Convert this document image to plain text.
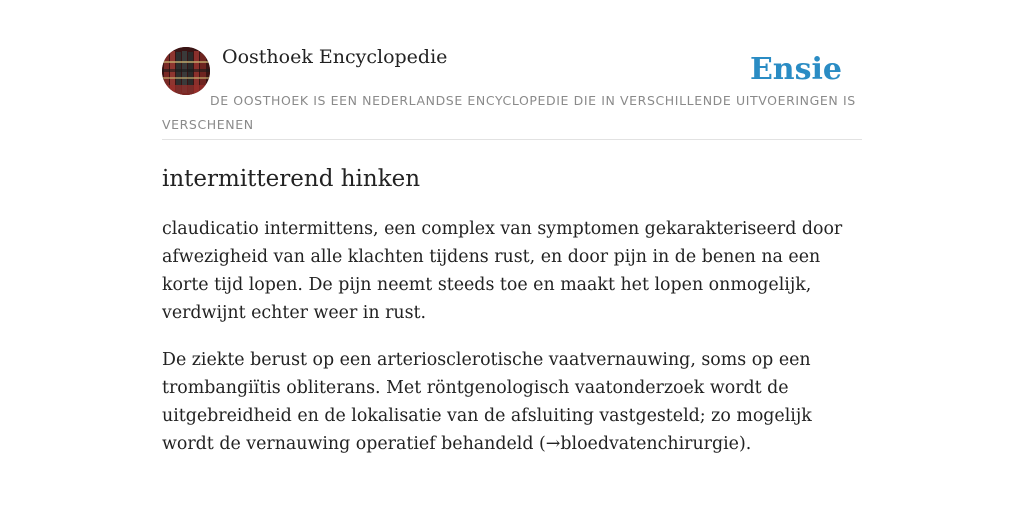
Oosthoek Encyclopedie	Ensie
DE OOSTHOEK IS EEN NEDERLANDSE ENCYCLOPEDIE DIE IN VERSCHILLENDE UITVOERINGEN IS VERSCHENEN
intermitterend hinken

claudicatio intermittens, een complex van symptomen gekarakteriseerd door afwezigheid van alle klachten tijdens rust, en door pijn in de benen na een korte tijd lopen. De pijn neemt steeds toe en maakt het lopen onmogelijk, verdwijnt echter weer in rust.

De ziekte berust op een arteriosclerotische vaatvernauwing, soms op een trombangiïtis obliterans. Met röntgenologisch vaatonderzoek wordt de uitgebreidheid en de lokalisatie van de afsluiting vastgesteld; zo mogelijk wordt de vernauwing operatief behandeld (→bloedvatenchirurgie).
